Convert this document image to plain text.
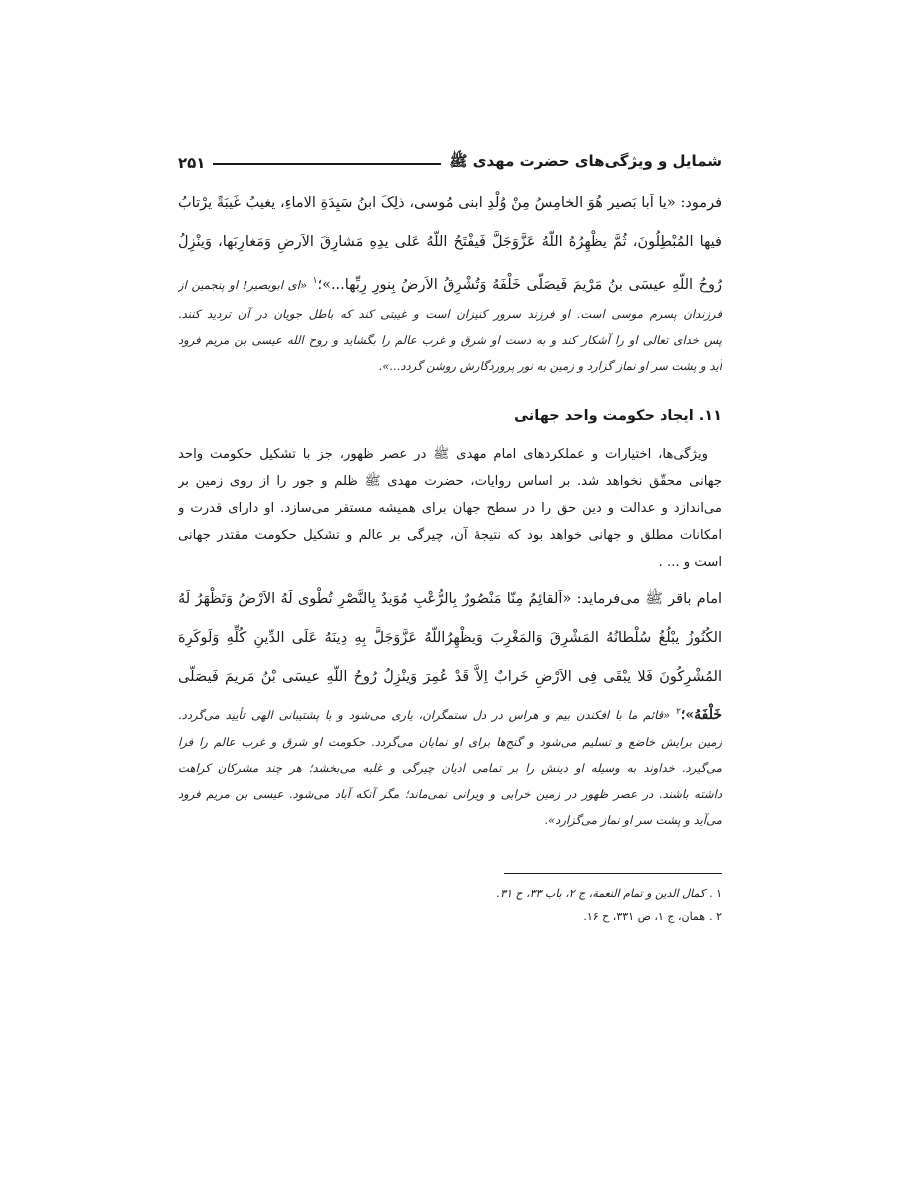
شمایل و ویژگی‌های حضرت مهدی ﷺ
۲۵۱
فرمود: «یا اَبا بَصیر هُوَ الخامِسُ مِنْ وُلْدِ ابنی مُوسی، ذلِکَ ابنُ سَیِدَةِ الاماءِ، یغیبُ غَیبَةً یرْتابُ
فیها المُبْطِلُونَ، ثُمَّ یظْهِرُهُ اللّهُ عَزَّوَجَلَّ فَیفْتَحُ اللّهُ عَلی یدِهِ مَشارِقَ الاَرضِ وَمَغارِبَها، وَینْزِلُ
رُوحُ اللّهِ عیسَی بنُ مَرْیمَ فَیصَلّی خَلْفَهُ وَتُشْرِقُ الاَرضُ بِنورِ رِبِّها...»؛$^۱$ «ای ابوبصیر! او پنجمین از
فرزندان پسرم موسی است. او فرزند سرور کنیزان است و غیبتی کند که باطل جویان در آن تردید کنند.
پس خدای تعالی او را آشکار کند و به دست او شرق و غرب عالم را بگشاید و روح الله عیسی بن مریم فرود
آید و پشت سر او نماز گزارد و زمین به نور پروردگارش روشن گردد...».
۱۱. ایجاد حکومت واحد جهانی
ویژگی‌ها، اختیارات و عملکردهای امام مهدی ﷺ در عصر ظهور، جز با تشکیل حکومت واحد
جهانی محقّق نخواهد شد. بر اساس روایات، حضرت مهدی ﷺ ظلم و جور را از روی زمین بر
می‌اندازد و عدالت و دین حق را در سطح جهان برای همیشه مستقر می‌سازد. او دارای قدرت و
امکانات مطلق و جهانی خواهد بود که نتیجهٔ آن، چیرگی بر عالم و تشکیل حکومت مقتدر جهانی
است و ... .
امام باقر ﷺ می‌فرماید: «اَلقائِمُ مِنّا مَنْصُورٌ بِالرُّعْبِ مُوَیدٌ بِالنَّصْرِ تُطْوی لَهُ الاَرْضُ وَتَظْهَرُ لَهُ
الکُنُوزُ یبْلُغُ سُلْطانُهُ المَشْرِقَ وَالمَغْرِبَ وَیظْهِرُاللّهُ عَزَّوَجَلَّ بِهِ دِینَهُ عَلَی الدِّینِ کُلِّهِ وَلَوکَرِهَ
المُشْرِکُونَ فَلا یبْقَی فِی الاَرْضِ خَرابٌ اِلاَّ قَدْ عُمِرَ وَینْزِلُ رُوحُ اللّهِ عیسَی بْنُ مَریمَ فَیصَلّی
خَلْفَهُ»؛$^۲$ «قائم ما با افکندن بیم و هراس در دل ستمگران، یاری می‌شود و با پشتیبانی الهی تأیید می‌گردد.
زمین برایش خاضع و تسلیم می‌شود و گنج‌ها برای او نمایان می‌گردد. حکومت او شرق و غرب عالم را فرا
می‌گیرد. خداوند به وسیله او دینش را بر تمامی ادیان چیرگی و غلبه می‌بخشد؛ هر چند مشرکان کراهت
داشته باشند. در عصر ظهور در زمین خرابی و ویرانی نمی‌ماند؛ مگر آنکه آباد می‌شود. عیسی بن مریم فرود
می‌آید و پشت سر او نماز می‌گزارد».
۱ .کمال الدین و تمام النعمة، ج ۲، باب ۳۳، ح ۳۱.
۲ .همان، ج ۱، ص ۳۳۱، ح ۱۶.
